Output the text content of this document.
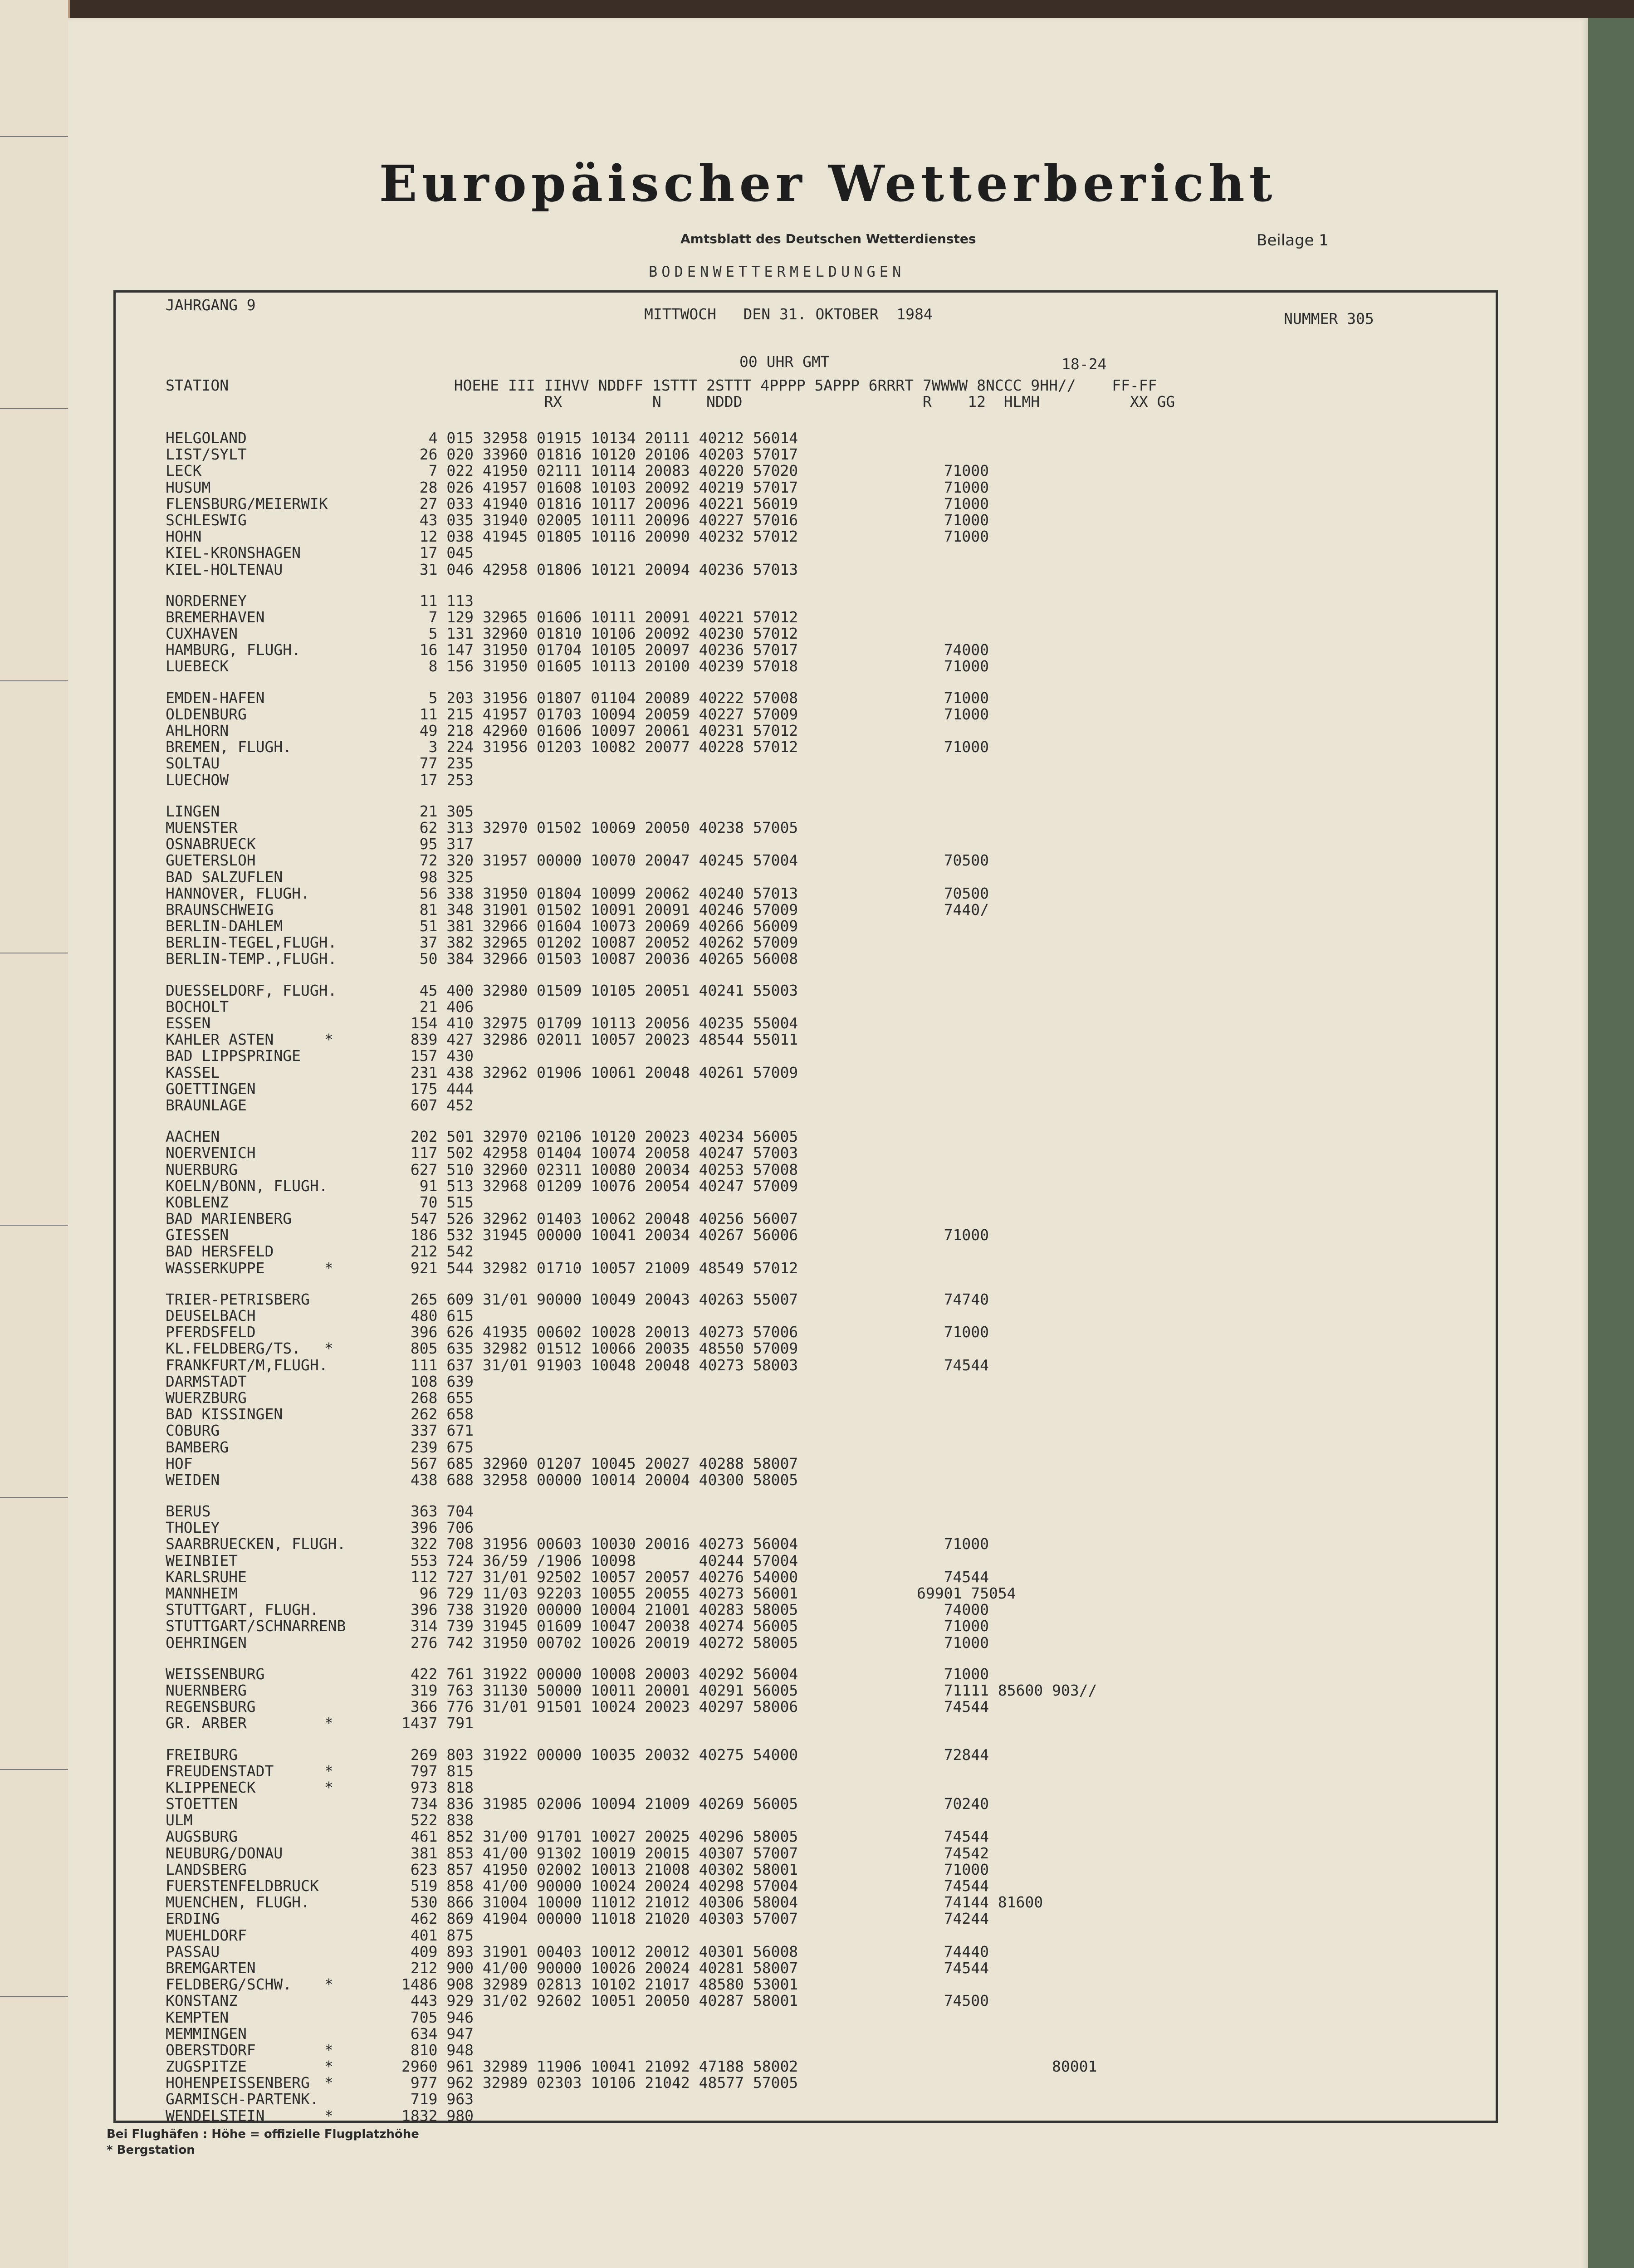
Europäischer Wetterbericht
Amtsblatt des Deutschen Wetterdienstes	Beilage 1
BODENWETTERMELDUNGEN
JAHRGANG 9
MITTWOCH   DEN 31. OKTOBER  1984	NUMMER 305
00 UHR GMT	18-24
STATION                         HOEHE III IIHVV NDDFF 1STTT 2STTT 4PPPP 5APPP 6RRRT 7WWWW 8NCCC 9HH//    FF-FF
RX          N     NDDD                    R    12  HLMH          XX GG
HELGOLAND	4 015 32958 01915 10134 20111 40212 56014
LIST/SYLT	26 020 33960 01816 10120 20106 40203 57017
LECK	7 022 41950 02111 10114 20083 40220 57020	71000
HUSUM	28 026 41957 01608 10103 20092 40219 57017	71000
FLENSBURG/MEIERWIK	27 033 41940 01816 10117 20096 40221 56019	71000
SCHLESWIG	43 035 31940 02005 10111 20096 40227 57016	71000
HOHN	12 038 41945 01805 10116 20090 40232 57012	71000
KIEL-KRONSHAGEN	17 045
KIEL-HOLTENAU	31 046 42958 01806 10121 20094 40236 57013
NORDERNEY	11 113
BREMERHAVEN	7 129 32965 01606 10111 20091 40221 57012
CUXHAVEN	5 131 32960 01810 10106 20092 40230 57012
HAMBURG, FLUGH.	16 147 31950 01704 10105 20097 40236 57017	74000
LUEBECK	8 156 31950 01605 10113 20100 40239 57018	71000
EMDEN-HAFEN	5 203 31956 01807 01104 20089 40222 57008	71000
OLDENBURG	11 215 41957 01703 10094 20059 40227 57009	71000
AHLHORN	49 218 42960 01606 10097 20061 40231 57012
BREMEN, FLUGH.	3 224 31956 01203 10082 20077 40228 57012	71000
SOLTAU	77 235
LUECHOW	17 253
LINGEN	21 305
MUENSTER	62 313 32970 01502 10069 20050 40238 57005
OSNABRUECK	95 317
GUETERSLOH	72 320 31957 00000 10070 20047 40245 57004	70500
BAD SALZUFLEN	98 325
HANNOVER, FLUGH.	56 338 31950 01804 10099 20062 40240 57013	70500
BRAUNSCHWEIG	81 348 31901 01502 10091 20091 40246 57009	7440/
BERLIN-DAHLEM	51 381 32966 01604 10073 20069 40266 56009
BERLIN-TEGEL,FLUGH.	37 382 32965 01202 10087 20052 40262 57009
BERLIN-TEMP.,FLUGH.	50 384 32966 01503 10087 20036 40265 56008
DUESSELDORF, FLUGH.	45 400 32980 01509 10105 20051 40241 55003
BOCHOLT	21 406
ESSEN	154 410 32975 01709 10113 20056 40235 55004
KAHLER ASTEN	*	839 427 32986 02011 10057 20023 48544 55011
BAD LIPPSPRINGE	157 430
KASSEL	231 438 32962 01906 10061 20048 40261 57009
GOETTINGEN	175 444
BRAUNLAGE	607 452
AACHEN	202 501 32970 02106 10120 20023 40234 56005
NOERVENICH	117 502 42958 01404 10074 20058 40247 57003
NUERBURG	627 510 32960 02311 10080 20034 40253 57008
KOELN/BONN, FLUGH.	91 513 32968 01209 10076 20054 40247 57009
KOBLENZ	70 515
BAD MARIENBERG	547 526 32962 01403 10062 20048 40256 56007
GIESSEN	186 532 31945 00000 10041 20034 40267 56006	71000
BAD HERSFELD	212 542
WASSERKUPPE	*	921 544 32982 01710 10057 21009 48549 57012
TRIER-PETRISBERG	265 609 31/01 90000 10049 20043 40263 55007	74740
DEUSELBACH	480 615
PFERDSFELD	396 626 41935 00602 10028 20013 40273 57006	71000
KL.FELDBERG/TS. *	805 635 32982 01512 10066 20035 48550 57009
FRANKFURT/M,FLUGH.	111 637 31/01 91903 10048 20048 40273 58003	74544
DARMSTADT	108 639
WUERZBURG	268 655
BAD KISSINGEN	262 658
COBURG	337 671
BAMBERG	239 675
HOF	567 685 32960 01207 10045 20027 40288 58007
WEIDEN	438 688 32958 00000 10014 20004 40300 58005
BERUS	363 704
THOLEY	396 706
SAARBRUECKEN, FLUGH.	322 708 31956 00603 10030 20016 40273 56004	71000
WEINBIET	553 724 36/59 /1906 10098       40244 57004
KARLSRUHE	112 727 31/01 92502 10057 20057 40276 54000	74544
MANNHEIM	96 729 11/03 92203 10055 20055 40273 56001	69901 75054
STUTTGART, FLUGH.	396 738 31920 00000 10004 21001 40283 58005	74000
STUTTGART/SCHNARRENB	314 739 31945 01609 10047 20038 40274 56005	71000
OEHRINGEN	276 742 31950 00702 10026 20019 40272 58005	71000
WEISSENBURG	422 761 31922 00000 10008 20003 40292 56004	71000
NUERNBERG	319 763 31130 50000 10011 20001 40291 56005	71111 85600 903//
REGENSBURG	366 776 31/01 91501 10024 20023 40297 58006	74544
GR. ARBER	*	1437 791
FREIBURG	269 803 31922 00000 10035 20032 40275 54000	72844
FREUDENSTADT	*	797 815
KLIPPENECK	*	973 818
STOETTEN	734 836 31985 02006 10094 21009 40269 56005	70240
ULM	522 838
AUGSBURG	461 852 31/00 91701 10027 20025 40296 58005	74544
NEUBURG/DONAU	381 853 41/00 91302 10019 20015 40307 57007	74542
LANDSBERG	623 857 41950 02002 10013 21008 40302 58001	71000
FUERSTENFELDBRUCK	519 858 41/00 90000 10024 20024 40298 57004	74544
MUENCHEN, FLUGH.	530 866 31004 10000 11012 21012 40306 58004	74144 81600
ERDING	462 869 41904 00000 11018 21020 40303 57007	74244
MUEHLDORF	401 875
PASSAU	409 893 31901 00403 10012 20012 40301 56008	74440
BREMGARTEN	212 900 41/00 90000 10026 20024 40281 58007	74544
FELDBERG/SCHW. *	1486 908 32989 02813 10102 21017 48580 53001
KONSTANZ	443 929 31/02 92602 10051 20050 40287 58001	74500
KEMPTEN	705 946
MEMMINGEN	634 947
OBERSTDORF	*	810 948
ZUGSPITZE	*	2960 961 32989 11906 10041 21092 47188 58002	80001
HOHENPEISSENBERG *	977 962 32989 02303 10106 21042 48577 57005
GARMISCH-PARTENK.	719 963
WENDELSTEIN	*	1832 980
Bei Flughäfen : Höhe = offizielle Flugplatzhöhe
* Bergstation
